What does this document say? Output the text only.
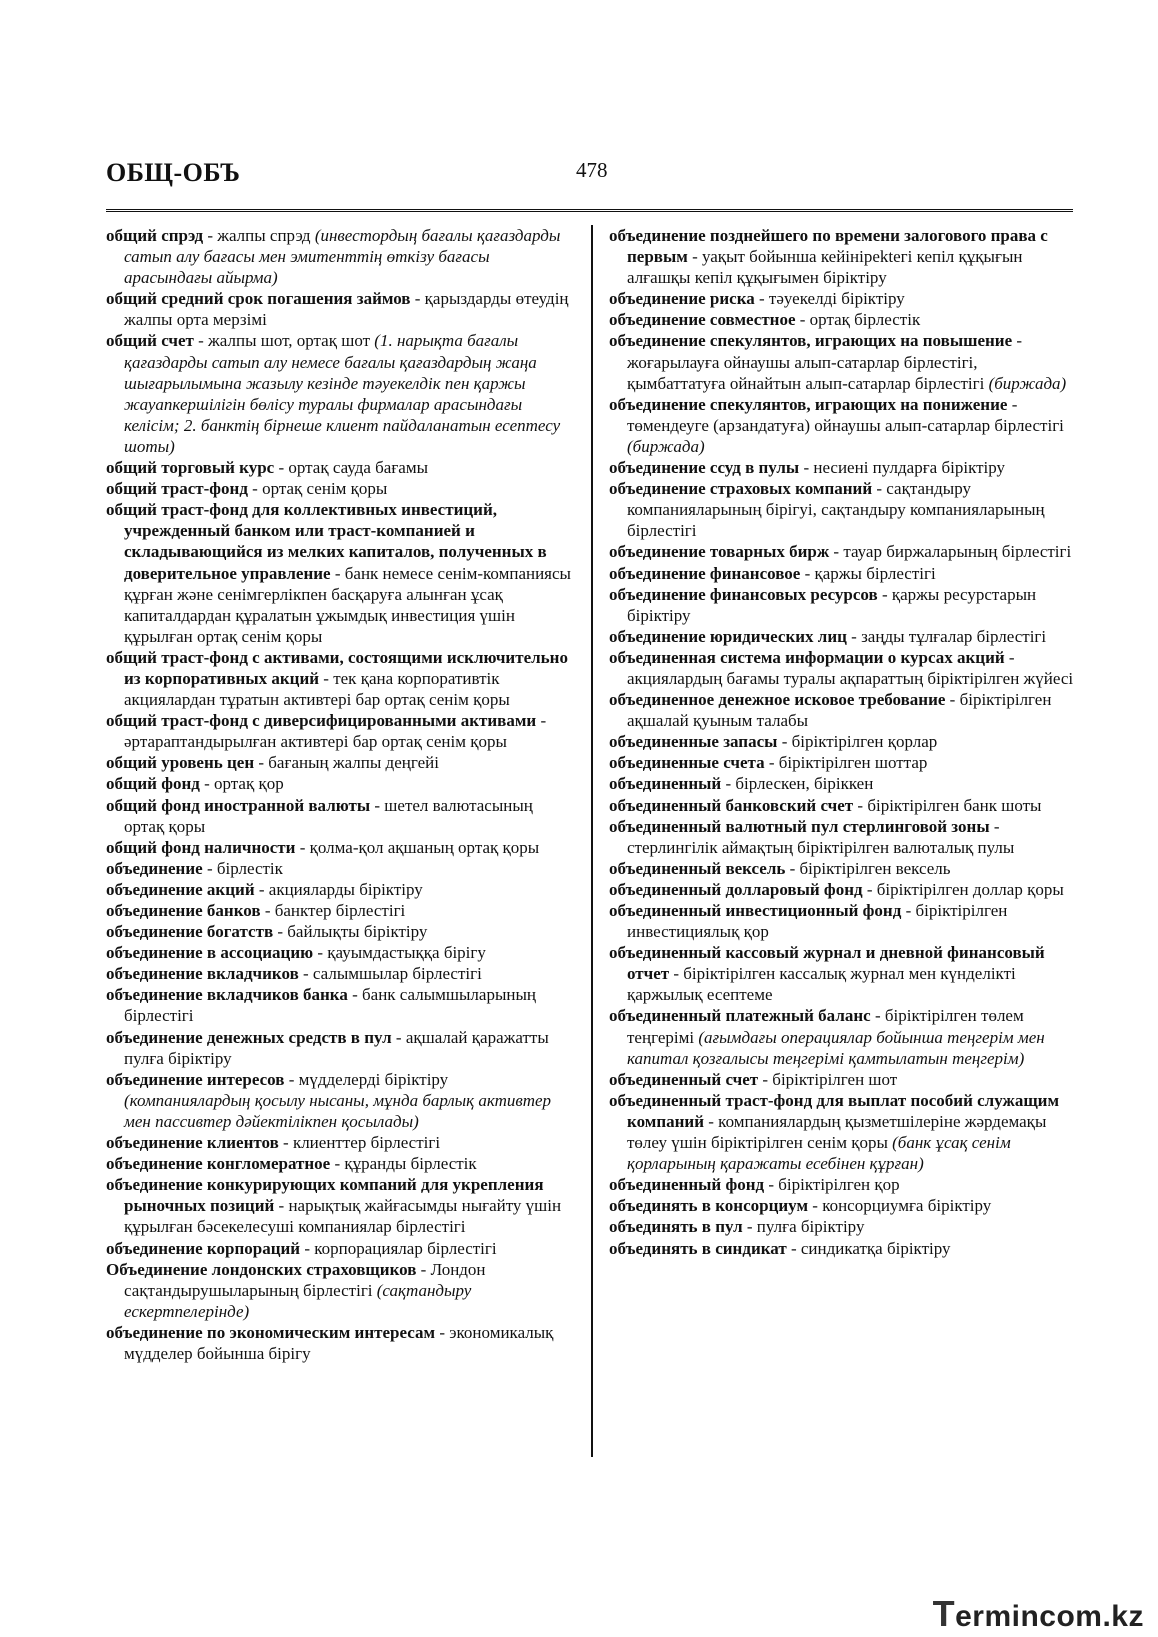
ОБЩ-ОБЪ	478

общий спрэд - жалпы спрэд (инвестордың бағалы қағаздарды сатып алу бағасы мен эмитенттің өткізу бағасы арасындағы айырма)

общий средний срок погашения займов - қарыздарды өтеудің жалпы орта мерзімі

общий счет - жалпы шот, ортақ шот (1. нарықта бағалы қағаздарды сатып алу немесе бағалы қағаздардың жаңа шығарылымына жазылу кезінде тәуекелдік пен қаржы жауапкершілігін бөлісу туралы фирмалар арасындағы келісім; 2. банктің бірнеше клиент пайдаланатын есептесу шоты)

общий торговый курс - ортақ сауда бағамы

общий траст-фонд - ортақ сенім қоры

общий траст-фонд для коллективных инвестиций, учрежденный банком или траст-компанией и складывающийся из мелких капиталов, полученных в доверительное управление - банк немесе сенім-компаниясы құрған және сенімгерлікпен басқаруға алынған ұсақ капиталдардан құралатын ұжымдық инвестиция үшін құрылған ортақ сенім қоры

общий траст-фонд с активами, состоящими исключительно из корпоративных акций - тек қана корпоративтік акциялардан тұратын активтері бар ортақ сенім қоры

общий траст-фонд с диверсифицированными активами - әртараптандырылған активтері бар ортақ сенім қоры

общий уровень цен - бағаның жалпы деңгейі

общий фонд - ортақ қор

общий фонд иностранной валюты - шетел валютасының ортақ қоры

общий фонд наличности - қолма-қол ақшаның ортақ қоры

объединение - бірлестік

объединение акций - акцияларды біріктіру

объединение банков - банктер бірлестігі

объединение богатств - байлықты біріктіру

объединение в ассоциацию - қауымдастыққа бірігу

объединение вкладчиков - салымшылар бірлестігі

объединение вкладчиков банка - банк салымшыларының бірлестігі

объединение денежных средств в пул - ақшалай қаражатты пулға біріктіру

объединение интересов - мүдделерді біріктіру (компаниялардың қосылу нысаны, мұнда барлық активтер мен пассивтер дәйектілікпен қосылады)

объединение клиентов - клиенттер бірлестігі

объединение конгломератное - құранды бірлестік

объединение конкурирующих компаний для укрепления рыночных позиций - нарықтық жайғасымды нығайту үшін құрылған бәсекелесуші компаниялар бірлестігі

объединение корпораций - корпорациялар бірлестігі

Объединение лондонских страховщиков - Лондон сақтандырушыларының бірлестігі (сақтандыру ескертпелерінде)

объединение по экономическим интересам - экономикалық мүдделер бойынша бірігу

объединение позднейшего по времени залогового права с первым - уақыт бойынша кейінірektегі кепіл құқығын алғашқы кепіл құқығымен біріктіру

объединение риска - тәуекелді біріктіру

объединение совместное - ортақ бірлестік

объединение спекулянтов, играющих на повышение - жоғарылауға ойнаушы алып-сатарлар бірлестігі, қымбаттатуға ойнайтын алып-сатарлар бірлестігі (биржада)

объединение спекулянтов, играющих на понижение - төмендеуге (арзандатуға) ойнаушы алып-сатарлар бірлестігі (биржада)

объединение ссуд в пулы - несиені пулдарға біріктіру

объединение страховых компаний - сақтандыру компанияларының бірігуі, сақтандыру компанияларының бірлестігі

объединение товарных бирж - тауар биржаларының бірлестігі

объединение финансовое - қаржы бірлестігі

объединение финансовых ресурсов - қаржы ресурстарын біріктіру

объединение юридических лиц - заңды тұлғалар бірлестігі

объединенная система информации о курсах акций - акциялардың бағамы туралы ақпараттың біріктірілген жүйесі

объединенное денежное исковое требование - біріктірілген ақшалай қуыным талабы

объединенные запасы - біріктірілген қорлар

объединенные счета - біріктірілген шоттар

объединенный - бірлескен, біріккен

объединенный банковский счет - біріктірілген банк шоты

объединенный валютный пул стерлинговой зоны - стерлингілік аймақтың біріктірілген валюталық пулы

объединенный вексель - біріктірілген вексель

объединенный долларовый фонд - біріктірілген доллар қоры

объединенный инвестиционный фонд - біріктірілген инвестициялық қор

объединенный кассовый журнал и дневной финансовый отчет - біріктірілген кассалық журнал мен күнделікті қаржылық есептеме

объединенный платежный баланс - біріктірілген төлем теңгерімі (ағымдағы операциялар бойынша теңгерім мен капитал қозғалысы теңгерімі қамтылатын теңгерім)

объединенный счет - біріктірілген шот

объединенный траст-фонд для выплат пособий служащим компаний - компаниялардың қызметшілеріне жәрдемақы төлеу үшін біріктірілген сенім қоры (банк ұсақ сенім қорларының қаражаты есебінен құрған)

объединенный фонд - біріктірілген қор

объединять в консорциум - консорциумға біріктіру

объединять в пул - пулға біріктіру

объединять в синдикат - синдикатқа біріктіру

Termincom.kz
